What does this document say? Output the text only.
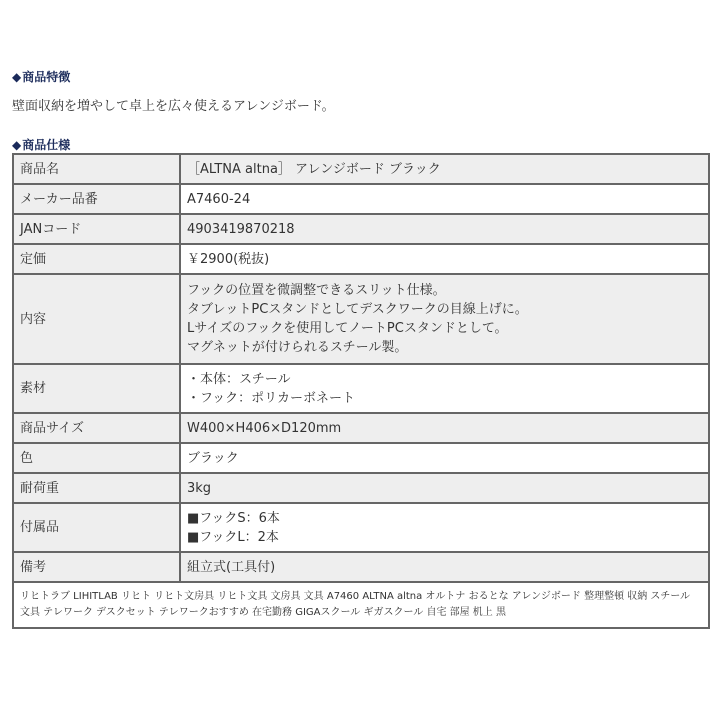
◆商品特徴
壁面収納を増やして卓上を広々使えるアレンジボード。
◆商品仕様
商品名	［ALTNA altna］ アレンジボード ブラック

メーカー品番	A7460-24

JANコード	4903419870218

定価	￥2900(税抜)

内容	フックの位置を微調整できるスリット仕様。
タブレットPCスタンドとしてデスクワークの目線上げに。
Lサイズのフックを使用してノートPCスタンドとして。
マグネットが付けられるスチール製。

素材	・本体：スチール
・フック：ポリカーボネート

商品サイズ	W400×H406×D120mm

色	ブラック

耐荷重	3kg

付属品	■フックS：6本
■フックL：2本

備考	組立式(工具付)

リヒトラブ LIHITLAB リヒト リヒト文房具 リヒト文具 文房具 文具 A7460 ALTNA altna オルトナ おるとな アレンジボード 整理整頓 収納 スチール 文具 テレワーク デスクセット テレワークおすすめ 在宅勤務 GIGAスクール ギガスクール 自宅 部屋 机上 黒	
